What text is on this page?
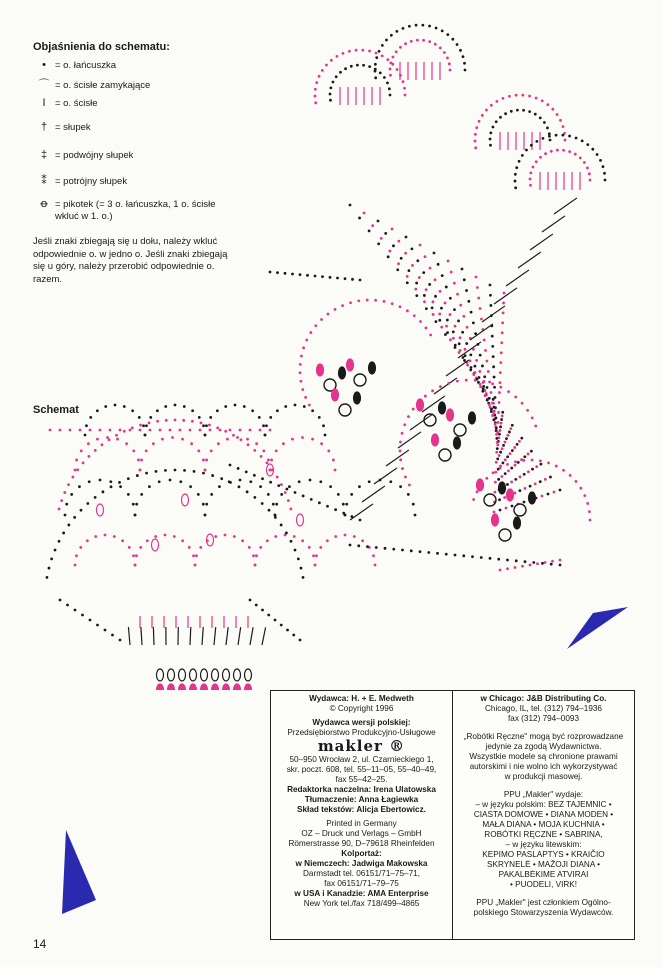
Objaśnienia do schematu:
• = o. łańcuszka
⌒ = o. ścisłe zamykające
I = o. ścisłe
† = słupek
‡ = podwójny słupek
⁑ = potrójny słupek
ꝋ = pikotek (= 3 o. łańcuszka, 1 o. ścisłe
wkluć w 1. o.)
Jeśli znaki zbiegają się u dołu, należy wkluć odpowiednie o. w jedno o. Jeśli znaki zbiegają się u góry, należy przerobić odpowiednie o. razem.
Schemat
Wydawca: H. + E. Medweth
© Copyright 1996
Wydawca wersji polskiej:
Przedsiębiorstwo Produkcyjno-Usługowe
makler ®
50–950 Wrocław 2, ul. Czarnieckiego 1,
skr. poczt. 608, tel. 55–11–05, 55–40–49,
fax 55–42–25.
Redaktorka naczelna: Irena Ulatowska
Tłumaczenie: Anna Łagiewka
Skład tekstów: Alicja Ebertowicz.
Printed in Germany
OZ – Druck und Verlags – GmbH
Römerstrasse 90, D–79618 Rheinfelden
Kolportaż:
w Niemczech: Jadwiga Makowska
Darmstadt tel. 06151/71–75–71,
fax 06151/71–79–75
w USA i Kanadzie: AMA Enterprise
New York tel./fax 718/499–4865
w Chicago: J&B Distributing Co.
Chicago, IL, tel. (312) 794–1936
fax (312) 794–0093
„Robótki Ręczne" mogą być rozprowadzane
jedynie za zgodą Wydawnictwa.
Wszystkie modele są chronione prawami
autorskimi i nie wolno ich wykorzystywać
w produkcji masowej.
PPU „Makler" wydaje:
– w języku polskim: BEZ TAJEMNIC •
CIASTA DOMOWE • DIANA MODEN •
MAŁA DIANA • MOJA KUCHNIA •
ROBÓTKI RĘCZNE • SABRINA,
– w języku litewskim:
KEPIMO PASLAPTYS • KRAIČIO
SKRYNELĖ • MAŽOJI DIANA •
PAKALBĖKIME ATVIRAI
• PUODELI, VIRK!
PPU „Makler" jest członkiem Ogólno-
polskiego Stowarzyszenia Wydawców.
14
